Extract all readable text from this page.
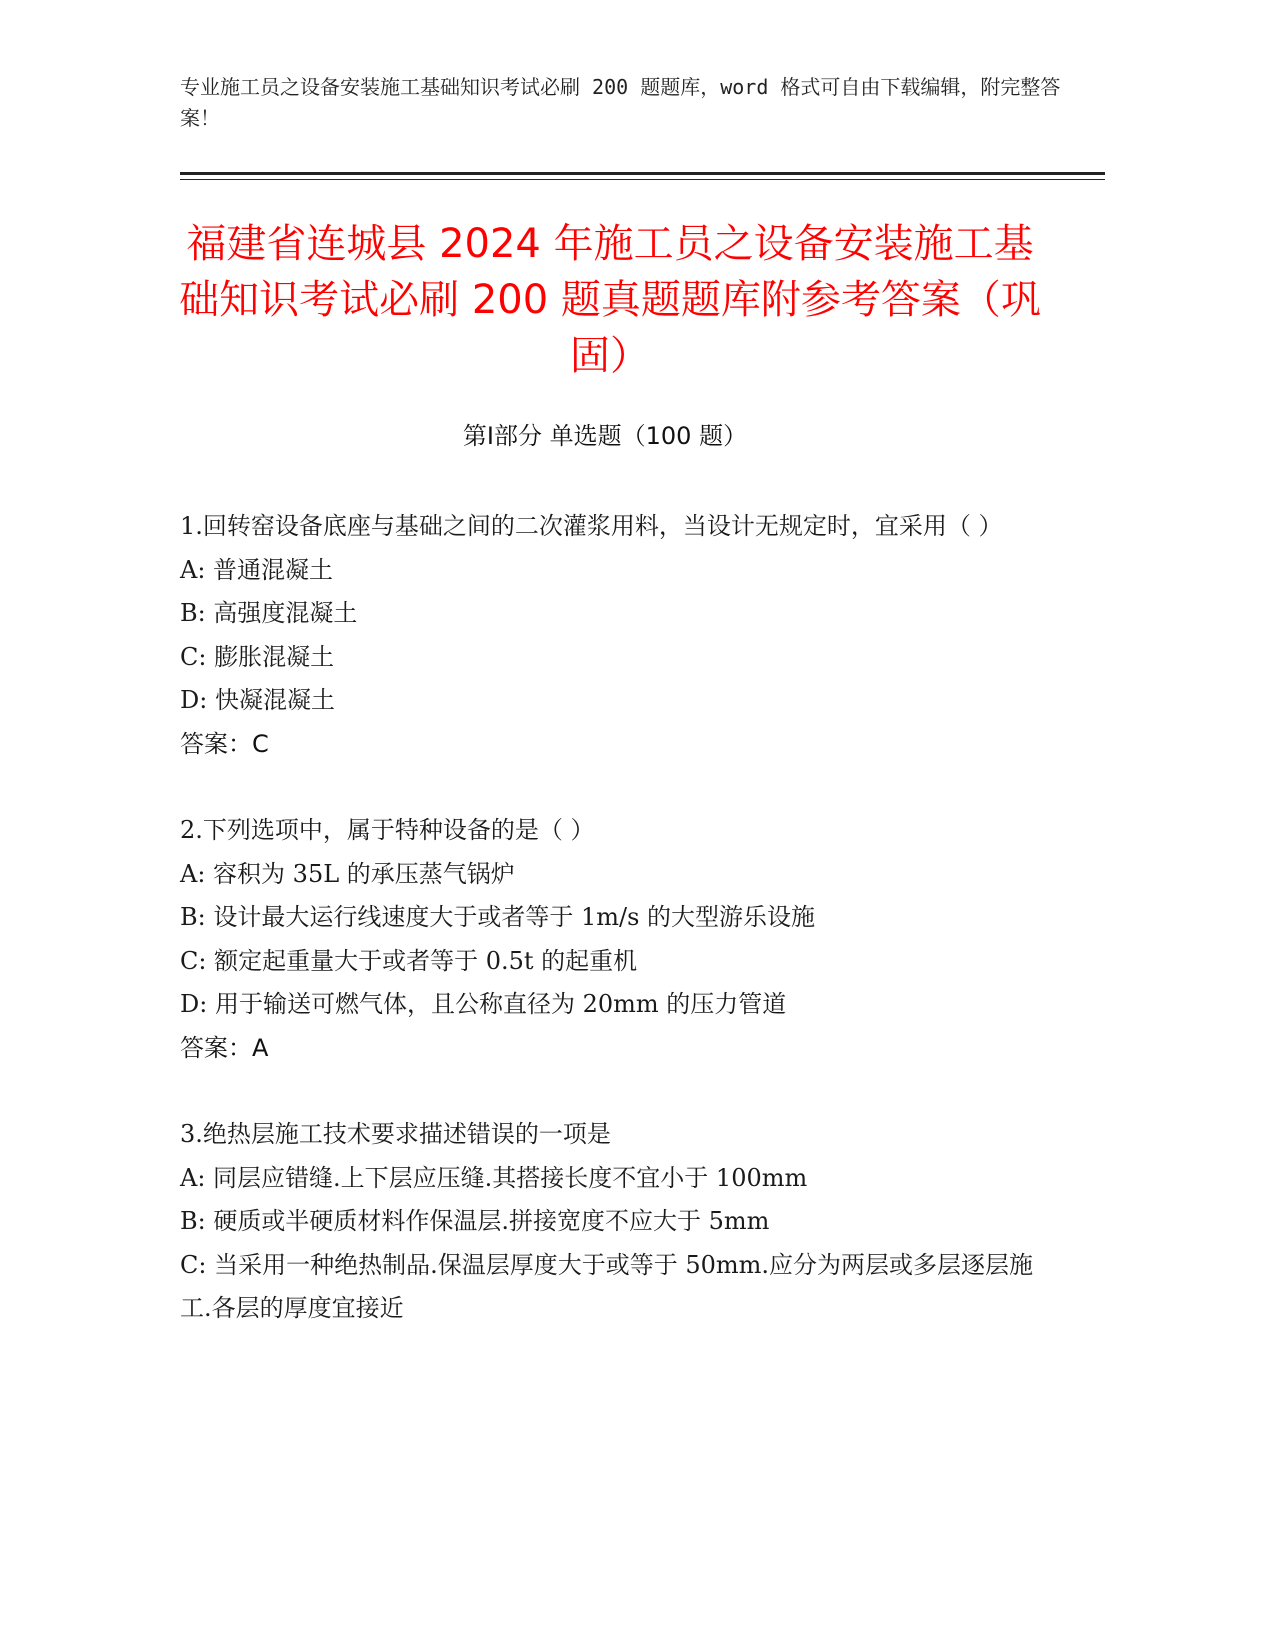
专业施工员之设备安装施工基础知识考试必刷 200 题题库，word 格式可自由下载编辑，附完整答案！
福建省连城县 2024 年施工员之设备安装施工基础知识考试必刷 200 题真题题库附参考答案（巩固）
第Ⅰ部分 单选题（100 题）

1.回转窑设备底座与基础之间的二次灌浆用料，当设计无规定时，宜采用（ ）

A: 普通混凝土

B: 高强度混凝土

C: 膨胀混凝土

D: 快凝混凝土

答案：C

2.下列选项中，属于特种设备的是（ ）

A: 容积为 35L 的承压蒸气锅炉

B: 设计最大运行线速度大于或者等于 1m/s 的大型游乐设施

C: 额定起重量大于或者等于 0.5t 的起重机

D: 用于输送可燃气体，且公称直径为 20mm 的压力管道

答案：A

3.绝热层施工技术要求描述错误的一项是

A: 同层应错缝.上下层应压缝.其搭接长度不宜小于 100mm

B: 硬质或半硬质材料作保温层.拼接宽度不应大于 5mm

C: 当采用一种绝热制品.保温层厚度大于或等于 50mm.应分为两层或多层逐层施工.各层的厚度宜接近
